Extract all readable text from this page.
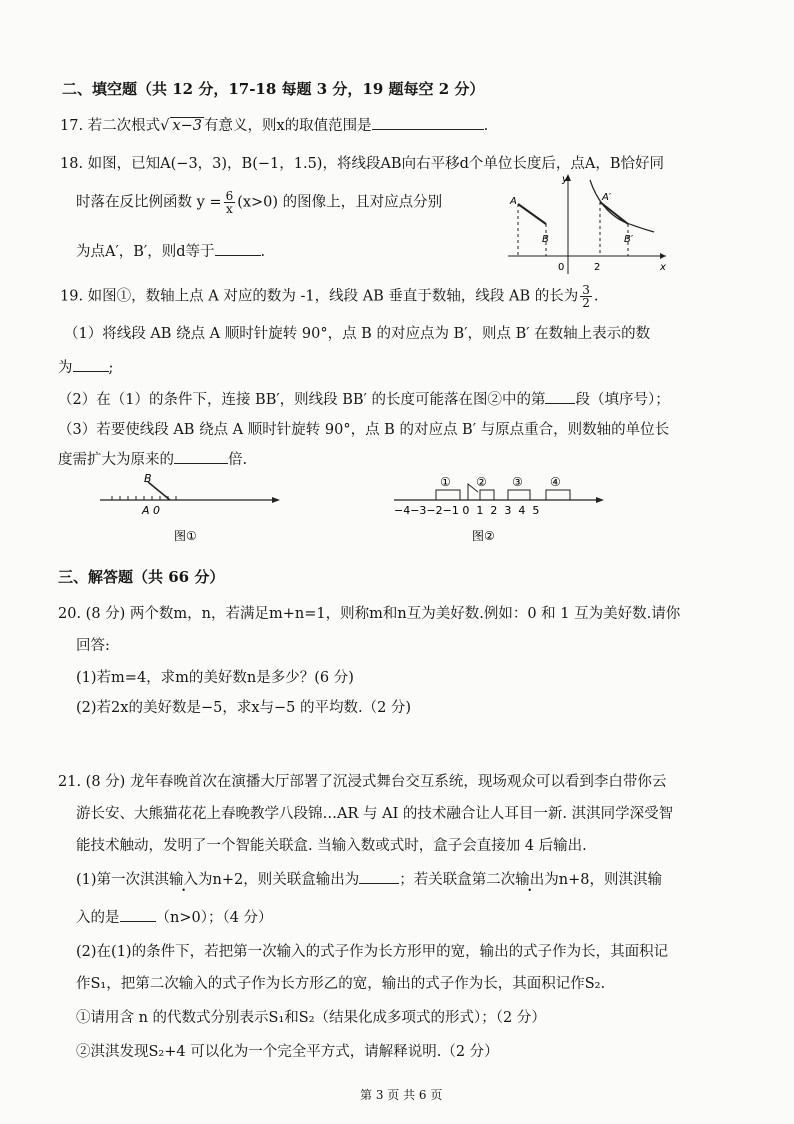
二、填空题（共 12 分，17-18 每题 3 分，19 题每空 2 分）
17. 若二次根式√ x−3 有意义，则x的取值范围是	.
18. 如图，已知A(−3，3)，B(−1，1.5)，将线段AB向右平移d个单位长度后，点A，B恰好同
时落在反比例函数 $y = \frac{6}{x} (x>0)$ 的图像上，且对应点分别
为点A′，B′，则d等于	.
y
x
0	2
A
B
A′
B′
19. 如图①，数轴上点 A 对应的数为 -1，线段 AB 垂直于数轴，线段 AB 的长为 $\frac{3}{2}$ .
（1）将线段 AB 绕点 A 顺时针旋转 90°，点 B 的对应点为 B′，则点 B′ 在数轴上表示的数
为 ;
（2）在（1）的条件下，连接 BB′，则线段 BB′ 的长度可能落在图②中的第 段（填序号）；
（3）若要使线段 AB 绕点 A 顺时针旋转 90°，点 B 的对应点 B′ 与原点重合，则数轴的单位长
度需扩大为原来的	倍.
B
A 0
图①
① ② ③ ④
−4−3−2−1 0  1  2  3  4  5
图②
三、解答题（共 66 分）
20. (8 分) 两个数m，n，若满足m+n=1，则称m和n互为美好数.例如：0 和 1 互为美好数.请你
回答:
(1)若m=4，求m的美好数n是多少？(6 分)
(2)若2x的美好数是−5，求x与−5 的平均数.（2 分)
21. (8 分) 龙年春晚首次在演播大厅部署了沉浸式舞台交互系统，现场观众可以看到李白带你云
游长安、大熊猫花花上春晚教学八段锦…AR 与 AI 的技术融合让人耳目一新. 淇淇同学深受智
能技术触动，发明了一个智能关联盒. 当输入数或式时，盒子会直接加 4 后输出.
(1)第一次淇淇输入为n+2，则关联盒输出为	；若关联盒第二次输出为n+8，则淇淇输
入的是 （n>0）；（4 分）
(2)在(1)的条件下，若把第一次输入的式子作为长方形甲的宽，输出的式子作为长，其面积记
作S₁，把第二次输入的式子作为长方形乙的宽，输出的式子作为长，其面积记作S₂.
①请用含 n 的代数式分别表示S₁和S₂（结果化成多项式的形式）；（2 分）
②淇淇发现S₂+4 可以化为一个完全平方式，请解释说明.（2 分）
第 3 页 共 6 页
